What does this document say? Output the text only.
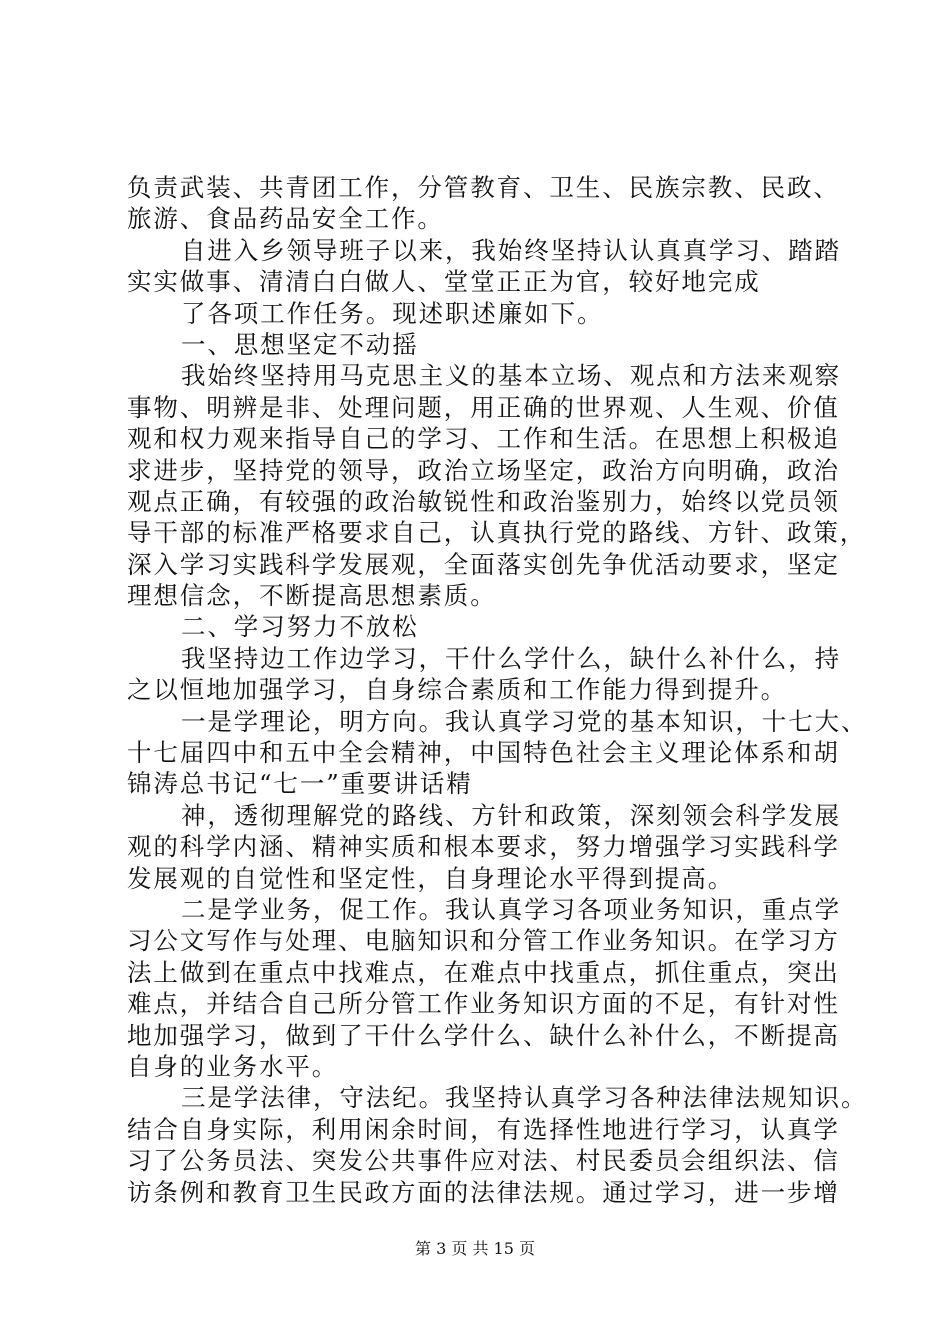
负责武装、共青团工作，分管教育、卫生、民族宗教、民政、
旅游、食品药品安全工作。
自进入乡领导班子以来，我始终坚持认认真真学习、踏踏
实实做事、清清白白做人、堂堂正正为官，较好地完成
了各项工作任务。现述职述廉如下。
一、思想坚定不动摇
我始终坚持用马克思主义的基本立场、观点和方法来观察
事物、明辨是非、处理问题，用正确的世界观、人生观、价值
观和权力观来指导自己的学习、工作和生活。在思想上积极追
求进步，坚持党的领导，政治立场坚定，政治方向明确，政治
观点正确，有较强的政治敏锐性和政治鉴别力，始终以党员领
导干部的标准严格要求自己，认真执行党的路线、方针、政策，
深入学习实践科学发展观，全面落实创先争优活动要求，坚定
理想信念，不断提高思想素质。
二、学习努力不放松
我坚持边工作边学习，干什么学什么，缺什么补什么，持
之以恒地加强学习，自身综合素质和工作能力得到提升。
一是学理论，明方向。我认真学习党的基本知识，十七大、
十七届四中和五中全会精神，中国特色社会主义理论体系和胡
锦涛总书记“七一”重要讲话精
神，透彻理解党的路线、方针和政策，深刻领会科学发展
观的科学内涵、精神实质和根本要求，努力增强学习实践科学
发展观的自觉性和坚定性，自身理论水平得到提高。
二是学业务，促工作。我认真学习各项业务知识，重点学
习公文写作与处理、电脑知识和分管工作业务知识。在学习方
法上做到在重点中找难点，在难点中找重点，抓住重点，突出
难点，并结合自己所分管工作业务知识方面的不足，有针对性
地加强学习，做到了干什么学什么、缺什么补什么，不断提高
自身的业务水平。
三是学法律，守法纪。我坚持认真学习各种法律法规知识。
结合自身实际，利用闲余时间，有选择性地进行学习，认真学
习了公务员法、突发公共事件应对法、村民委员会组织法、信
访条例和教育卫生民政方面的法律法规。通过学习，进一步增
第 3 页 共 15 页
